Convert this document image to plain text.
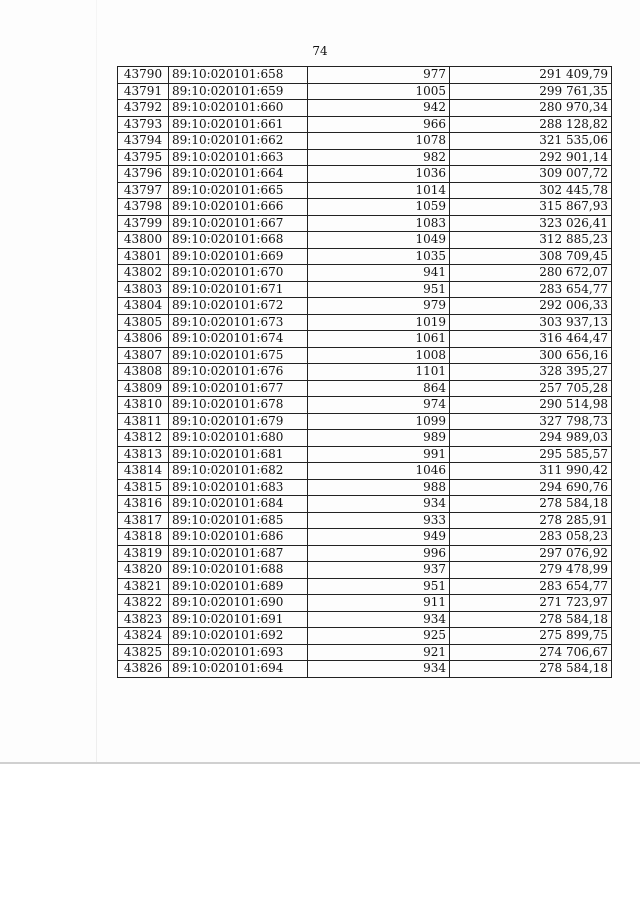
74
43790	89:10:020101:658	977	291 409,79
43791	89:10:020101:659	1005	299 761,35
43792	89:10:020101:660	942	280 970,34
43793	89:10:020101:661	966	288 128,82
43794	89:10:020101:662	1078	321 535,06
43795	89:10:020101:663	982	292 901,14
43796	89:10:020101:664	1036	309 007,72
43797	89:10:020101:665	1014	302 445,78
43798	89:10:020101:666	1059	315 867,93
43799	89:10:020101:667	1083	323 026,41
43800	89:10:020101:668	1049	312 885,23
43801	89:10:020101:669	1035	308 709,45
43802	89:10:020101:670	941	280 672,07
43803	89:10:020101:671	951	283 654,77
43804	89:10:020101:672	979	292 006,33
43805	89:10:020101:673	1019	303 937,13
43806	89:10:020101:674	1061	316 464,47
43807	89:10:020101:675	1008	300 656,16
43808	89:10:020101:676	1101	328 395,27
43809	89:10:020101:677	864	257 705,28
43810	89:10:020101:678	974	290 514,98
43811	89:10:020101:679	1099	327 798,73
43812	89:10:020101:680	989	294 989,03
43813	89:10:020101:681	991	295 585,57
43814	89:10:020101:682	1046	311 990,42
43815	89:10:020101:683	988	294 690,76
43816	89:10:020101:684	934	278 584,18
43817	89:10:020101:685	933	278 285,91
43818	89:10:020101:686	949	283 058,23
43819	89:10:020101:687	996	297 076,92
43820	89:10:020101:688	937	279 478,99
43821	89:10:020101:689	951	283 654,77
43822	89:10:020101:690	911	271 723,97
43823	89:10:020101:691	934	278 584,18
43824	89:10:020101:692	925	275 899,75
43825	89:10:020101:693	921	274 706,67
43826	89:10:020101:694	934	278 584,18
